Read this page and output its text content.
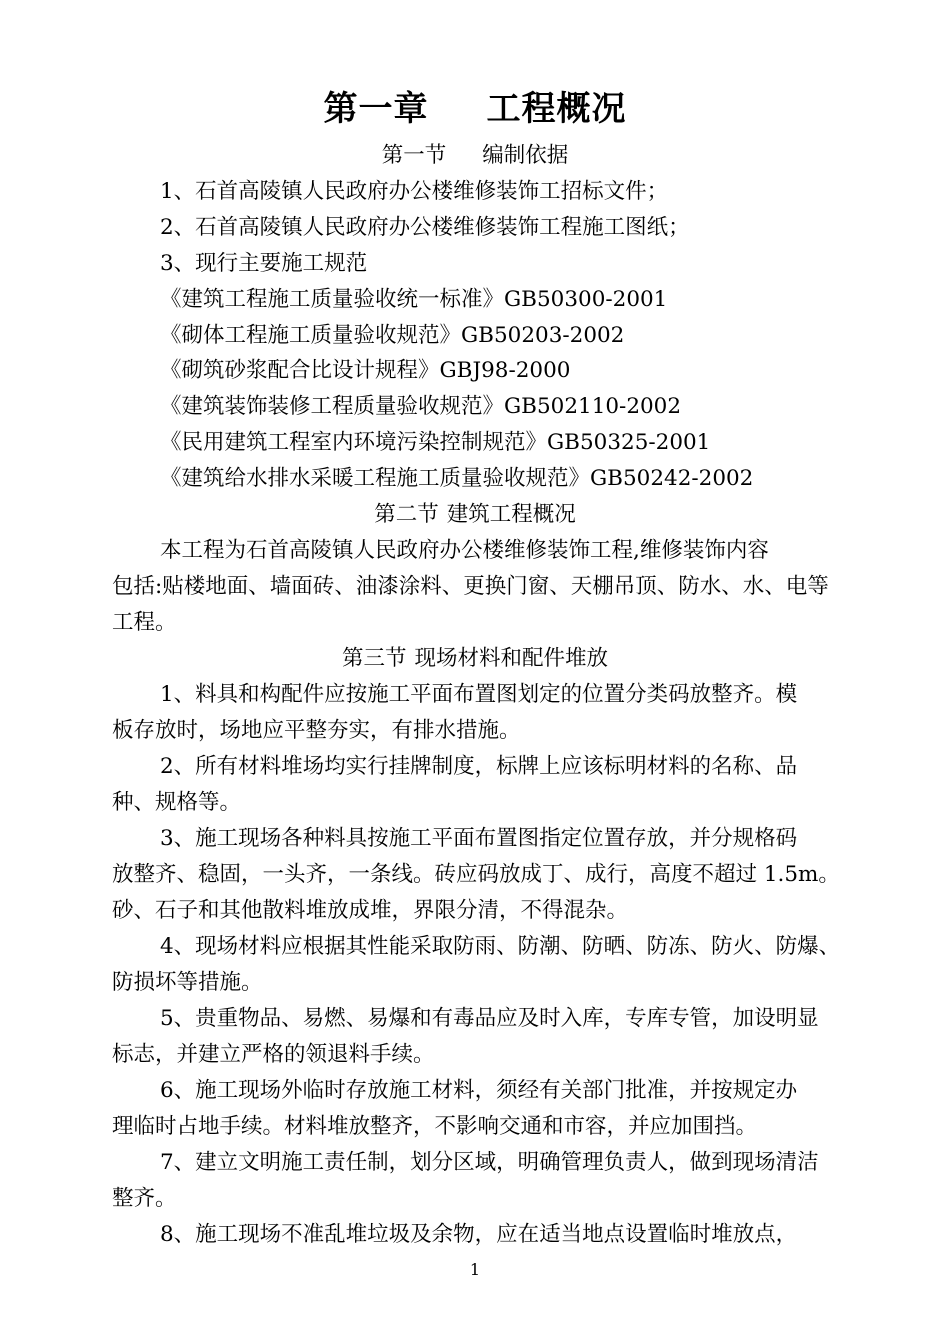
第一章 工程概况
第一节 编制依据
1、石首高陵镇人民政府办公楼维修装饰工招标文件；
2、石首高陵镇人民政府办公楼维修装饰工程施工图纸；
3、现行主要施工规范
《建筑工程施工质量验收统一标准》GB50300-2001
《砌体工程施工质量验收规范》GB50203-2002
《砌筑砂浆配合比设计规程》GBJ98-2000
《建筑装饰装修工程质量验收规范》GB502110-2002
《民用建筑工程室内环境污染控制规范》GB50325-2001
《建筑给水排水采暖工程施工质量验收规范》GB50242-2002
第二节 建筑工程概况
本工程为石首高陵镇人民政府办公楼维修装饰工程,维修装饰内容
包括:贴楼地面、墙面砖、油漆涂料、更换门窗、天棚吊顶、防水、水、电等
工程。
第三节 现场材料和配件堆放
1、料具和构配件应按施工平面布置图划定的位置分类码放整齐。模
板存放时，场地应平整夯实，有排水措施。
2、所有材料堆场均实行挂牌制度，标牌上应该标明材料的名称、品
种、规格等。
3、施工现场各种料具按施工平面布置图指定位置存放，并分规格码
放整齐、稳固，一头齐，一条线。砖应码放成丁、成行，高度不超过 1.5m。
砂、石子和其他散料堆放成堆，界限分清，不得混杂。
4、现场材料应根据其性能采取防雨、防潮、防晒、防冻、防火、防爆、
防损坏等措施。
5、贵重物品、易燃、易爆和有毒品应及时入库，专库专管，加设明显
标志，并建立严格的领退料手续。
6、施工现场外临时存放施工材料，须经有关部门批准，并按规定办
理临时占地手续。材料堆放整齐，不影响交通和市容，并应加围挡。
7、建立文明施工责任制，划分区域，明确管理负责人，做到现场清洁
整齐。
8、施工现场不准乱堆垃圾及余物，应在适当地点设置临时堆放点，
1
